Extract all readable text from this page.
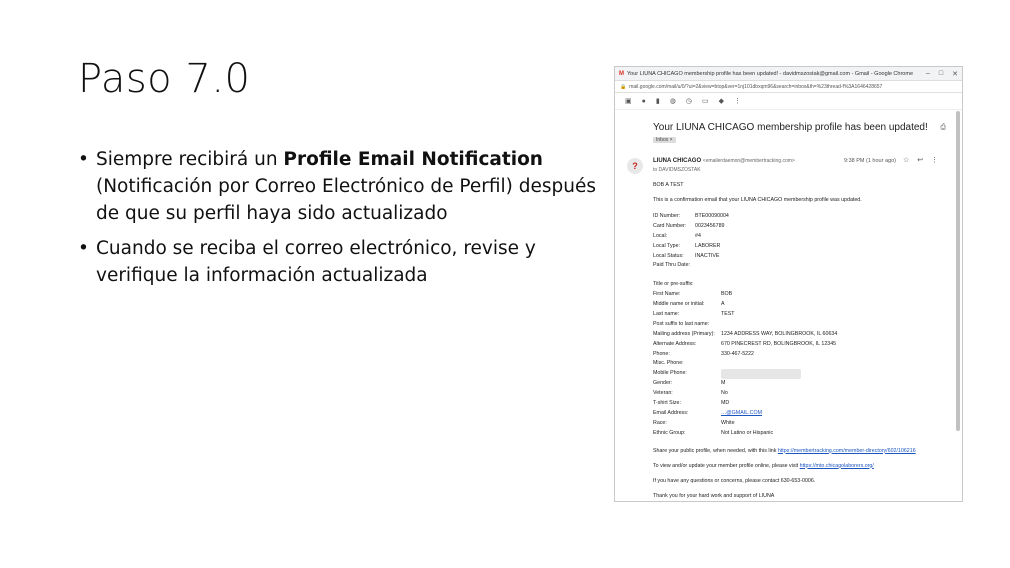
Paso 7.0
• Siempre recibirá un Profile Email Notification (Notificación por Correo Electrónico de Perfil) después de que su perfil haya sido actualizado
• Cuando se reciba el correo electrónico, revise y verifique la información actualizada
M Your LIUNA CHICAGO membership profile has been updated! - davidmszostak@gmail.com - Gmail - Google Chrome – □ ✕
🔒 mail.google.com/mail/u/0/?ui=2&view=btop&ver=1nj101dbxqm96&search=inbox&th=%23thread-f%3A1646428657
▣ ● ▮ ◍ ◷ ▭ ◆ ⋮
Your LIUNA CHICAGO membership profile has been updated! ⎙
Inbox ×
?	LIUNA CHICAGO <emailerdaemon@membertracking.com>
to DAVIDMSZOSTAK
9:38 PM (1 hour ago) ☆ ↩ ⋮

BOB A TEST

This is a confirmation email that your LIUNA CHICAGO membership profile was updated.

ID Number:	BTE00090004
Card Number:	0023456789
Local:	#4
Local Type:	LABORER
Local Status:	INACTIVE
Paid Thru Date:
Title or pre-suffix:
First Name:	BOB
Middle name or initial:	A
Last name:	TEST
Post suffix to last name:
Mailing address (Primary):	1234 ADDRESS WAY, BOLINGBROOK, IL 60634
Alternate Address:	670 PINECREST RD, BOLINGBROOK, IL 12345
Phone:	330-467-5222
Misc. Phone:
Mobile Phone:
Gender:	M
Veteran:	No
T-shirt Size:	MD
Email Address:	…@GMAIL.COM
Race:	White
Ethnic Group:	Not Latino or Hispanic

Share your public profile, when needed, with this link https://membertracking.com/member-directory/602/106216

To view and/or update your member profile online, please visit https://mto.chicagolaborers.org/

If you have any questions or concerns, please contact 630-653-0006.

Thank you for your hard work and support of LIUNA
